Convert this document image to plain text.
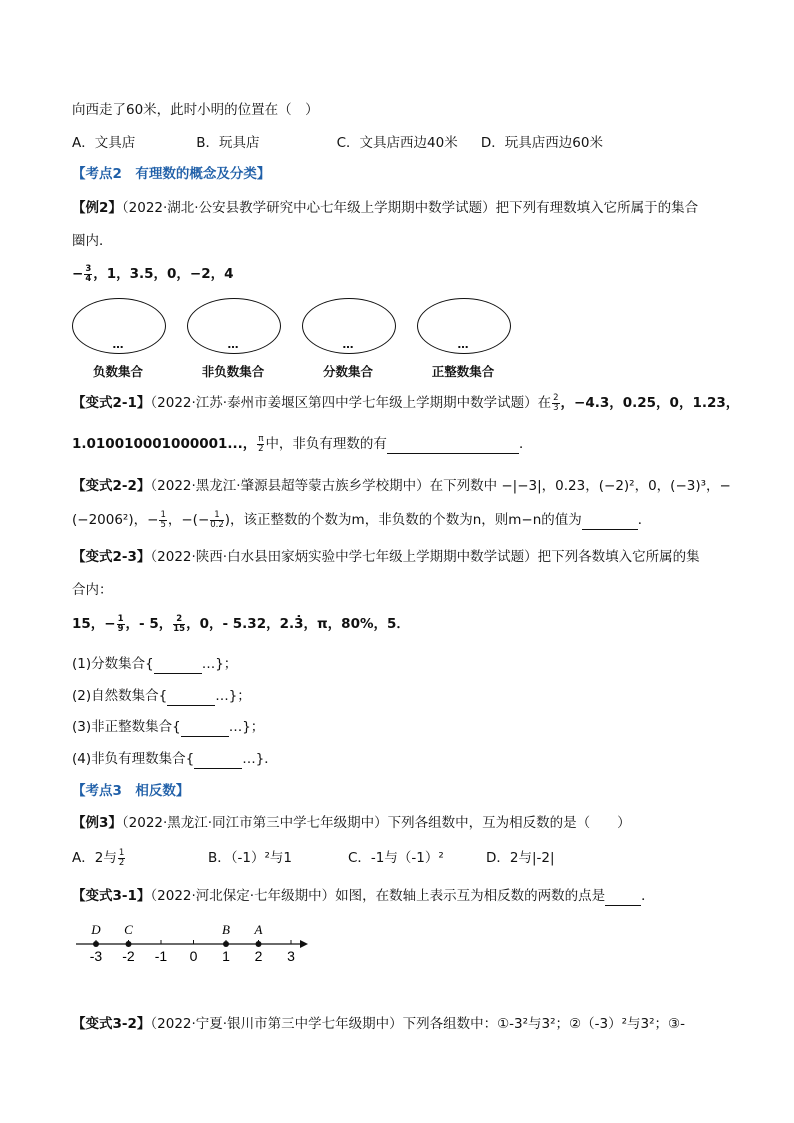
向西走了60米，此时小明的位置在（　）
A．文具店	B．玩具店	C．文具店西边40米 D．玩具店西边60米
【考点2　有理数的概念及分类】
【例2】（2022·湖北·公安县教学研究中心七年级上学期期中数学试题）把下列有理数填入它所属于的集合
圈内．
− $\frac{3}{4}$ ，1，3.5，0，−2，4
…
负数集合
…
非负数集合
…
分数集合
…
正整数集合
【变式2-1】（2022·江苏·泰州市姜堰区第四中学七年级上学期期中数学试题）在 $\frac{2}{3}$ ，−4.3，0.25，0，1.23，
1.010010001000001...， $\frac{\pi}{2}$ 中，非负有理数的有	．
【变式2-2】（2022·黑龙江·肇源县超等蒙古族乡学校期中）在下列数中 −|−3|，0.23，(−2)²，0，(−3)³，−
(−2006²)，− $\frac{1}{5}$ ，−(− $\frac{1}{0.2}$ )，该正整数的个数为m，非负数的个数为n，则m−n的值为	．
【变式2-3】（2022·陕西·白水县田家炳实验中学七年级上学期期中数学试题）把下列各数填入它所属的集
合内：
15，− $\frac{1}{9}$ ，- 5， $\frac{2}{15}$ ，0，- 5.32，2.3̇，π，80%，5．
(1)分数集合{	…}；
(2)自然数集合{	…}；
(3)非正整数集合{	…}；
(4)非负有理数集合{	…}．
【考点3　相反数】
【例3】（2022·黑龙江·同江市第三中学七年级期中）下列各组数中，互为相反数的是（　　）
A．2与 $\frac{1}{2}$	B．（-1）²与1	C．-1与（-1）²	D．2与|-2|
【变式3-1】（2022·河北保定·七年级期中）如图，在数轴上表示互为相反数的两数的点是	．
-3 -2 -1 0 1 2 3
D C	B A
【变式3-2】（2022·宁夏·银川市第三中学七年级期中）下列各组数中：①-3²与3²；②（-3）²与3²；③-
